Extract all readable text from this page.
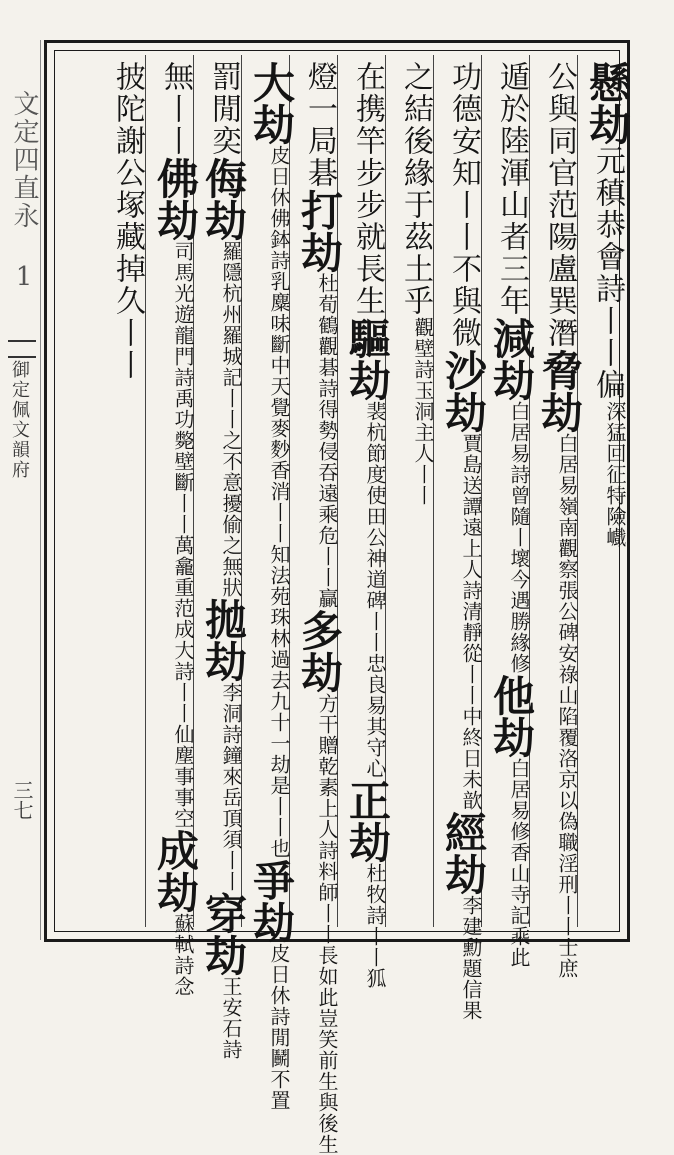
文定四直永 1
御定佩文韻府
三七
懸劫元稹恭會詩丨丨偏深猛回征特險巇
公與同官范陽盧巽潛脅劫白居易嶺南觀察張公碑安祿山陷覆洛京以偽職淫刑丨丨士庶
遁於陸渾山者三年減劫白居易詩曾隨丨壞今遇勝緣修他劫白居易修香山寺記乘此
功德安知丨丨不與微沙劫賈島送譚遠上人詩清靜從丨丨中終日未歆經劫李建勳題信果
之結後緣于茲土乎觀壁詩玉洞主人丨丨
在携竿步步就長生驅劫裴杭節度使田公神道碑丨丨忠良易其守心正劫杜牧詩丨丨狐
燈一局碁打劫杜荀鶴觀碁詩得勢侵吞遠乘危丨丨贏多劫方干贈乾素上人詩料師丨丨長如此豈笑前生與後生
大劫皮日休佛鉢詩乳麋味斷中天覺麥麨香消丨丨知法苑珠林過去九十一劫是丨丨也爭劫皮日休詩閒鬭不置
罰閒奕侮劫羅隱杭州羅城記丨丨之不意擾偷之無狀拋劫李洞詩鐘來岳頂須丨丨穿劫王安石詩
無丨丨佛劫司馬光遊龍門詩禹功斃壁斷丨丨萬龕重范成大詩丨丨仙塵事事空成劫蘇軾詩念
披陀謝公塚藏掉久丨丨
